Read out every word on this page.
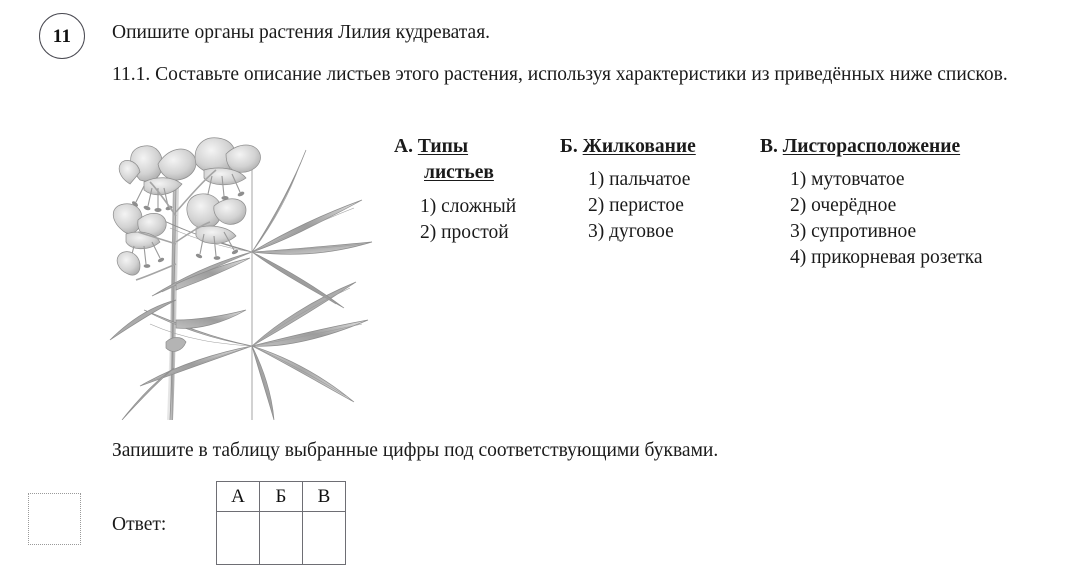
11 Опишите органы растения Лилия кудреватая.
11.1. Составьте описание листьев этого растения, используя характеристики из приведённых ниже списков.
А. Типы
листьев
1) сложный
2) простой
Б. Жилкование
1) пальчатое
2) перистое
3) дуговое
В. Листорасположение
1) мутовчатое
2) очерёдное
3) супротивное
4) прикорневая розетка
Запишите в таблицу выбранные цифры под соответствующими буквами.
Ответ:
А	Б	В
